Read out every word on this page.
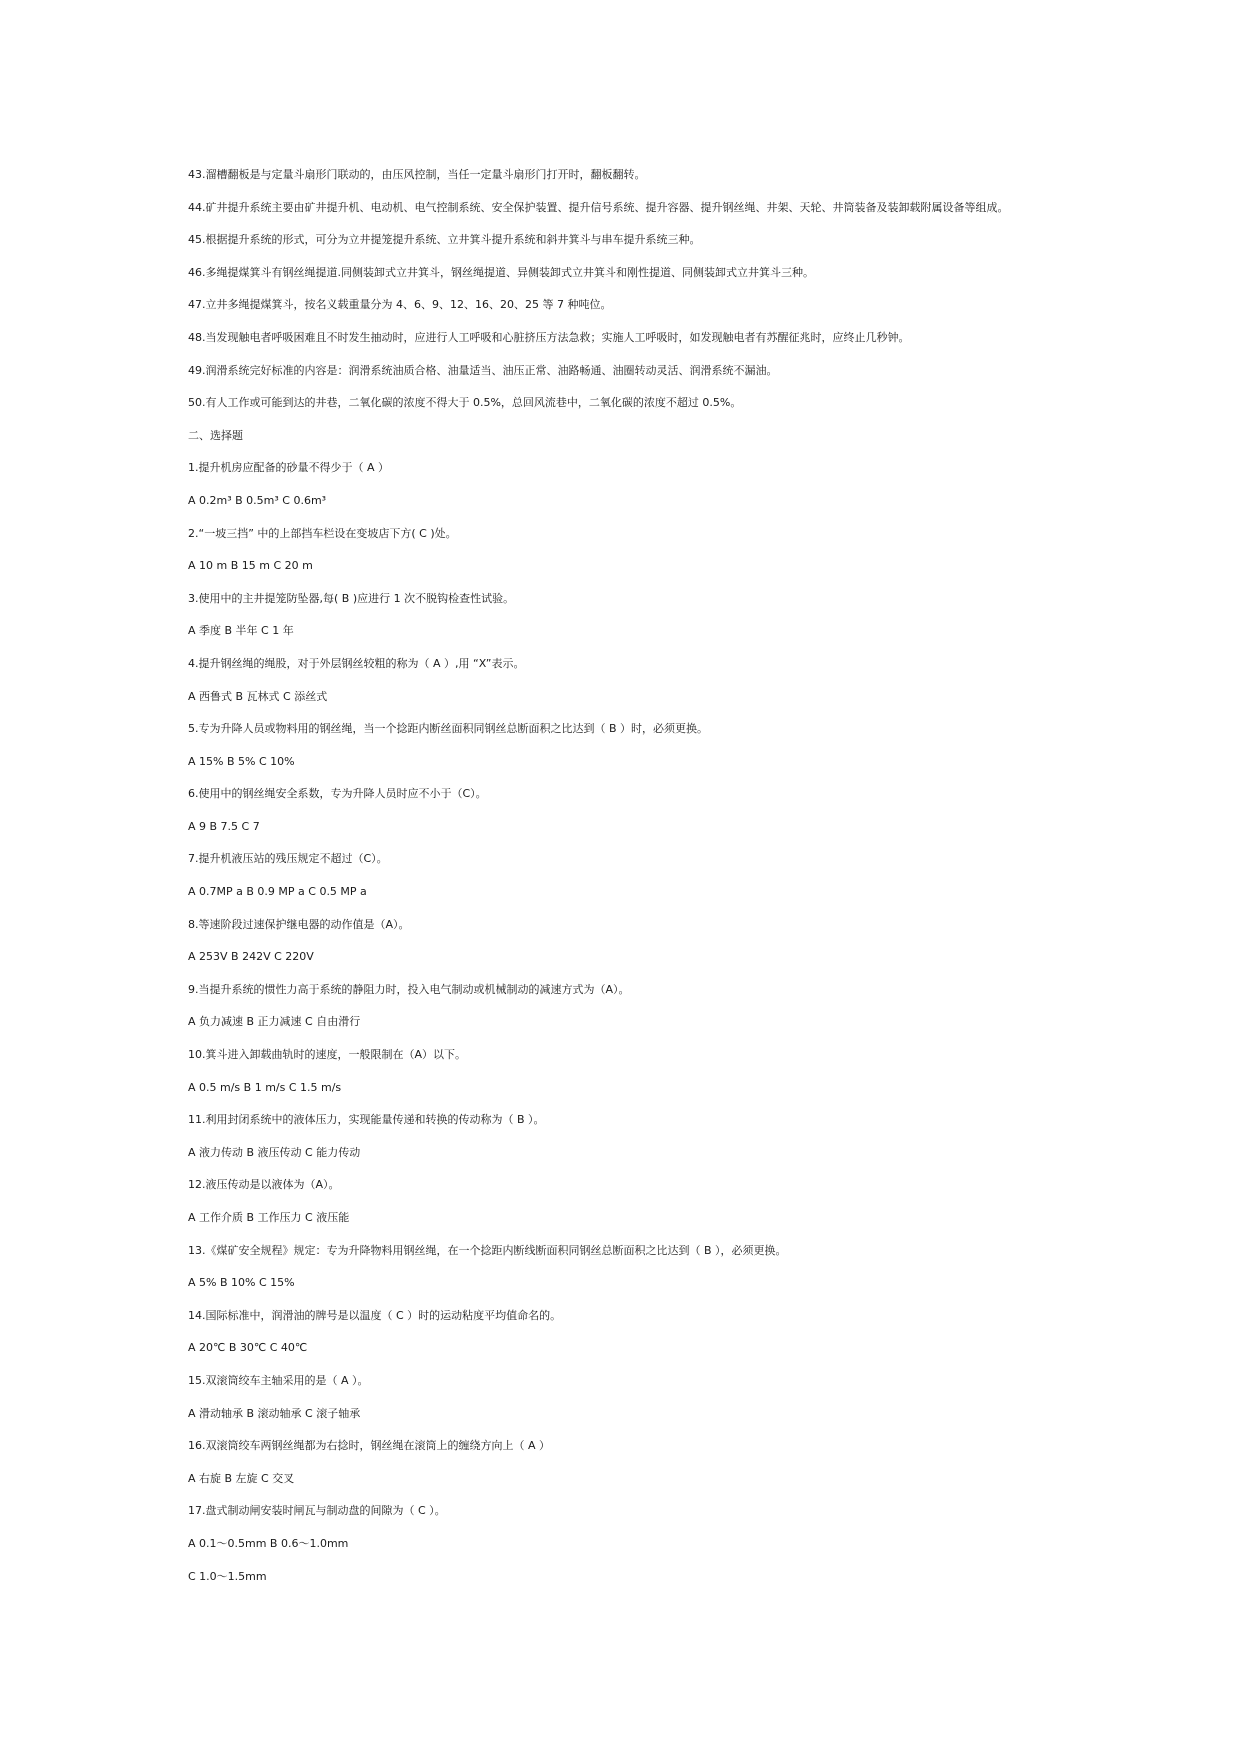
43.溜槽翻板是与定量斗扇形门联动的，由压风控制，当任一定量斗扇形门打开时，翻板翻转。
44.矿井提升系统主要由矿井提升机、电动机、电气控制系统、安全保护装置、提升信号系统、提升容器、提升钢丝绳、井架、天轮、井筒装备及装卸载附属设备等组成。
45.根据提升系统的形式，可分为立井提笼提升系统、立井箕斗提升系统和斜井箕斗与串车提升系统三种。
46.多绳提煤箕斗有钢丝绳提道.同侧装卸式立井箕斗，钢丝绳提道、异侧装卸式立井箕斗和刚性提道、同侧装卸式立井箕斗三种。
47.立井多绳提煤箕斗，按名义载重量分为 4、6、9、12、16、20、25 等 7 种吨位。
48.当发现触电者呼吸困难且不时发生抽动时，应进行人工呼吸和心脏挤压方法急救；实施人工呼吸时，如发现触电者有苏醒征兆时，应终止几秒钟。
49.润滑系统完好标准的内容是：润滑系统油质合格、油量适当、油压正常、油路畅通、油圈转动灵活、润滑系统不漏油。
50.有人工作或可能到达的井巷，二氧化碳的浓度不得大于 0.5%，总回风流巷中，二氧化碳的浓度不超过 0.5%。
二、选择题
1.提升机房应配备的砂量不得少于（ A ）
A 0.2m³ B 0.5m³ C 0.6m³
2.“一坡三挡” 中的上部挡车栏设在变坡店下方( C )处。
A 10 m B 15 m C 20 m
3.使用中的主井提笼防坠器,每( B )应进行 1 次不脱钩检查性试验。
A 季度 B 半年 C 1 年
4.提升钢丝绳的绳股，对于外层钢丝较粗的称为（ A ）,用 “X”表示。
A 西鲁式 B 瓦林式 C 添丝式
5.专为升降人员或物料用的钢丝绳，当一个捻距内断丝面积同钢丝总断面积之比达到（ B ）时，必须更换。
A 15% B 5% C 10%
6.使用中的钢丝绳安全系数，专为升降人员时应不小于（C）。
A 9 B 7.5 C 7
7.提升机液压站的残压规定不超过（C）。
A 0.7MP a B 0.9 MP a C 0.5 MP a
8.等速阶段过速保护继电器的动作值是（A）。
A 253V B 242V C 220V
9.当提升系统的惯性力高于系统的静阻力时，投入电气制动或机械制动的减速方式为（A）。
A 负力减速 B 正力减速 C 自由滑行
10.箕斗进入卸载曲轨时的速度，一般限制在（A）以下。
A 0.5 m/s B 1 m/s C 1.5 m/s
11.利用封闭系统中的液体压力，实现能量传递和转换的传动称为（ B ）。
A 液力传动 B 液压传动 C 能力传动
12.液压传动是以液体为（A）。
A 工作介质 B 工作压力 C 液压能
13.《煤矿安全规程》规定：专为升降物料用钢丝绳，在一个捻距内断线断面积同钢丝总断面积之比达到（ B ），必须更换。
A 5% B 10% C 15%
14.国际标准中，润滑油的牌号是以温度（ C ）时的运动粘度平均值命名的。
A 20℃ B 30℃ C 40℃
15.双滚筒绞车主轴采用的是（ A ）。
A 滑动轴承 B 滚动轴承 C 滚子轴承
16.双滚筒绞车两钢丝绳都为右捻时，钢丝绳在滚筒上的缠绕方向上（ A ）
A 右旋 B 左旋 C 交叉
17.盘式制动闸安装时闸瓦与制动盘的间隙为（ C ）。
A 0.1～0.5mm B 0.6～1.0mm
C 1.0～1.5mm
